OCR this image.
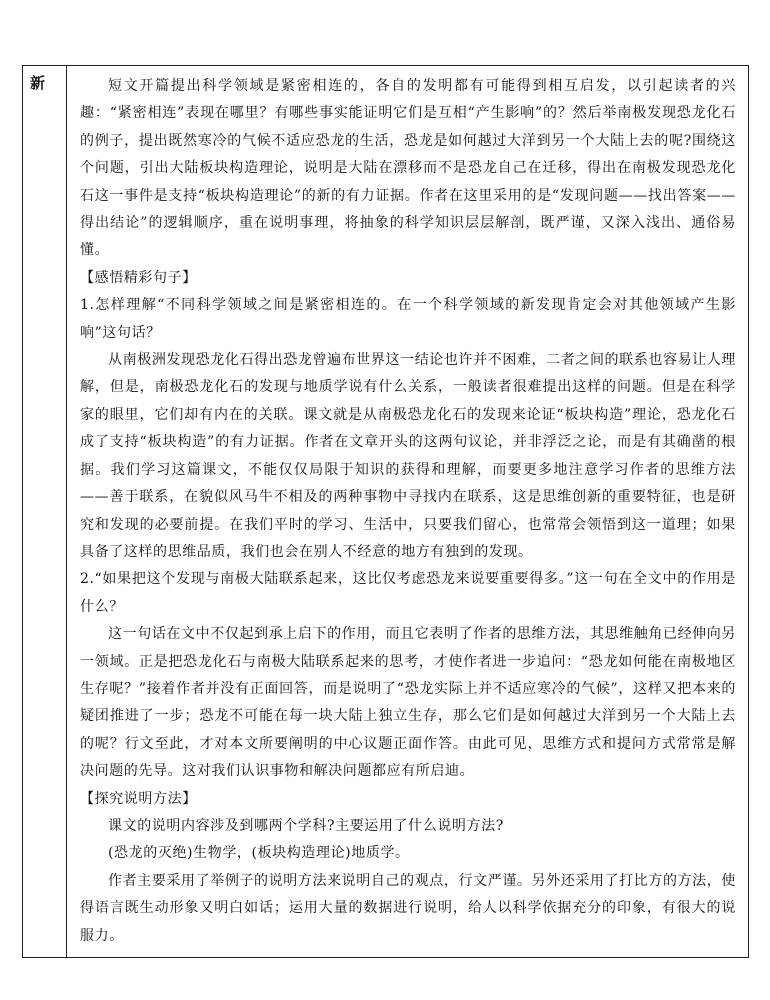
新	短文开篇提出科学领域是紧密相连的，各自的发明都有可能得到相互启发，以引起读者的兴趣：“紧密相连”表现在哪里？有哪些事实能证明它们是互相“产生影响”的？然后举南极发现恐龙化石的例子，提出既然寒冷的气候不适应恐龙的生活，恐龙是如何越过大洋到另一个大陆上去的呢?围绕这个问题，引出大陆板块构造理论，说明是大陆在漂移而不是恐龙自己在迁移，得出在南极发现恐龙化石这一事件是支持“板块构造理论”的新的有力证据。作者在这里采用的是“发现问题——找出答案——得出结论”的逻辑顺序，重在说明事理，将抽象的科学知识层层解剖，既严谨，又深入浅出、通俗易懂。

【感悟精彩句子】

1.怎样理解“不同科学领域之间是紧密相连的。在一个科学领域的新发现肯定会对其他领域产生影响”这句话？

从南极洲发现恐龙化石得出恐龙曾遍布世界这一结论也许并不困难，二者之间的联系也容易让人理解，但是，南极恐龙化石的发现与地质学说有什么关系，一般读者很难提出这样的问题。但是在科学家的眼里，它们却有内在的关联。课文就是从南极恐龙化石的发现来论证“板块构造”理论，恐龙化石成了支持“板块构造”的有力证据。作者在文章开头的这两句议论，并非浮泛之论，而是有其确凿的根据。我们学习这篇课文，不能仅仅局限于知识的获得和理解，而要更多地注意学习作者的思维方法——善于联系，在貌似风马牛不相及的两种事物中寻找内在联系，这是思维创新的重要特征，也是研究和发现的必要前提。在我们平时的学习、生活中，只要我们留心，也常常会领悟到这一道理；如果具备了这样的思维品质，我们也会在别人不经意的地方有独到的发现。

2.“如果把这个发现与南极大陆联系起来，这比仅考虑恐龙来说要重要得多。”这一句在全文中的作用是什么？

这一句话在文中不仅起到承上启下的作用，而且它表明了作者的思维方法，其思维触角已经伸向另一领域。正是把恐龙化石与南极大陆联系起来的思考，才使作者进一步追问：“恐龙如何能在南极地区生存呢？”接着作者并没有正面回答，而是说明了“恐龙实际上并不适应寒冷的气候”，这样又把本来的疑团推进了一步；恐龙不可能在每一块大陆上独立生存，那么它们是如何越过大洋到另一个大陆上去的呢？行文至此，才对本文所要阐明的中心议题正面作答。由此可见，思维方式和提问方式常常是解决问题的先导。这对我们认识事物和解决问题都应有所启迪。

【探究说明方法】

课文的说明内容涉及到哪两个学科?主要运用了什么说明方法?

(恐龙的灭绝)生物学，(板块构造理论)地质学。

作者主要采用了举例子的说明方法来说明自己的观点，行文严谨。另外还采用了打比方的方法，使得语言既生动形象又明白如话；运用大量的数据进行说明，给人以科学依据充分的印象，有很大的说服力。
